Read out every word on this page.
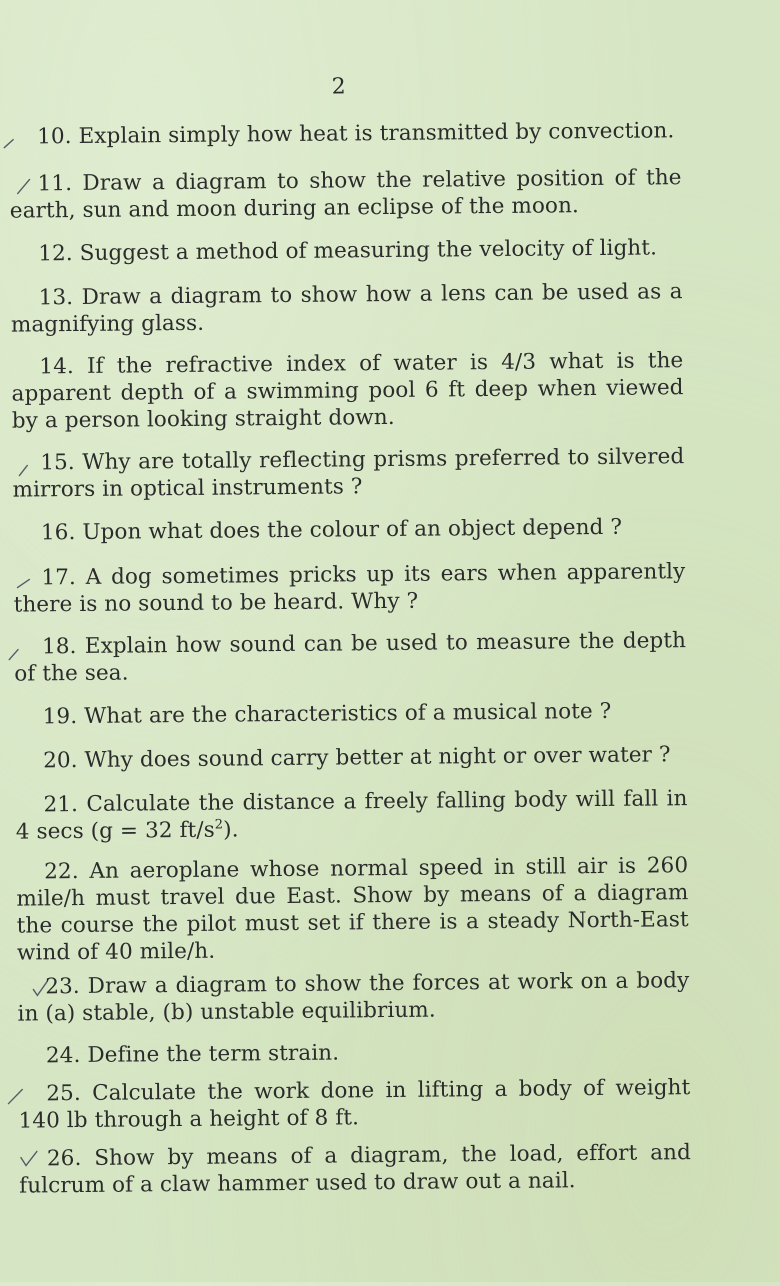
2
10. Explain simply how heat is transmitted by convection.
11. Draw a diagram to show the relative position of the earth, sun and moon during an eclipse of the moon.
12. Suggest a method of measuring the velocity of light.
13. Draw a diagram to show how a lens can be used as a magnifying glass.
14. If the refractive index of water is 4/3 what is the apparent depth of a swimming pool 6 ft deep when viewed by a person looking straight down.
15. Why are totally reflecting prisms preferred to silvered mirrors in optical instruments ?
16. Upon what does the colour of an object depend ?
17. A dog sometimes pricks up its ears when apparently there is no sound to be heard. Why ?
18. Explain how sound can be used to measure the depth of the sea.
19. What are the characteristics of a musical note ?
20. Why does sound carry better at night or over water ?
21. Calculate the distance a freely falling body will fall in 4 secs (g = 32 $ft/s^2$).
22. An aeroplane whose normal speed in still air is 260 mile/h must travel due East. Show by means of a diagram the course the pilot must set if there is a steady North-East wind of 40 mile/h.
23. Draw a diagram to show the forces at work on a body in (a) stable, (b) unstable equilibrium.
24. Define the term strain.
25. Calculate the work done in lifting a body of weight 140 lb through a height of 8 ft.
26. Show by means of a diagram, the load, effort and fulcrum of a claw hammer used to draw out a nail.
